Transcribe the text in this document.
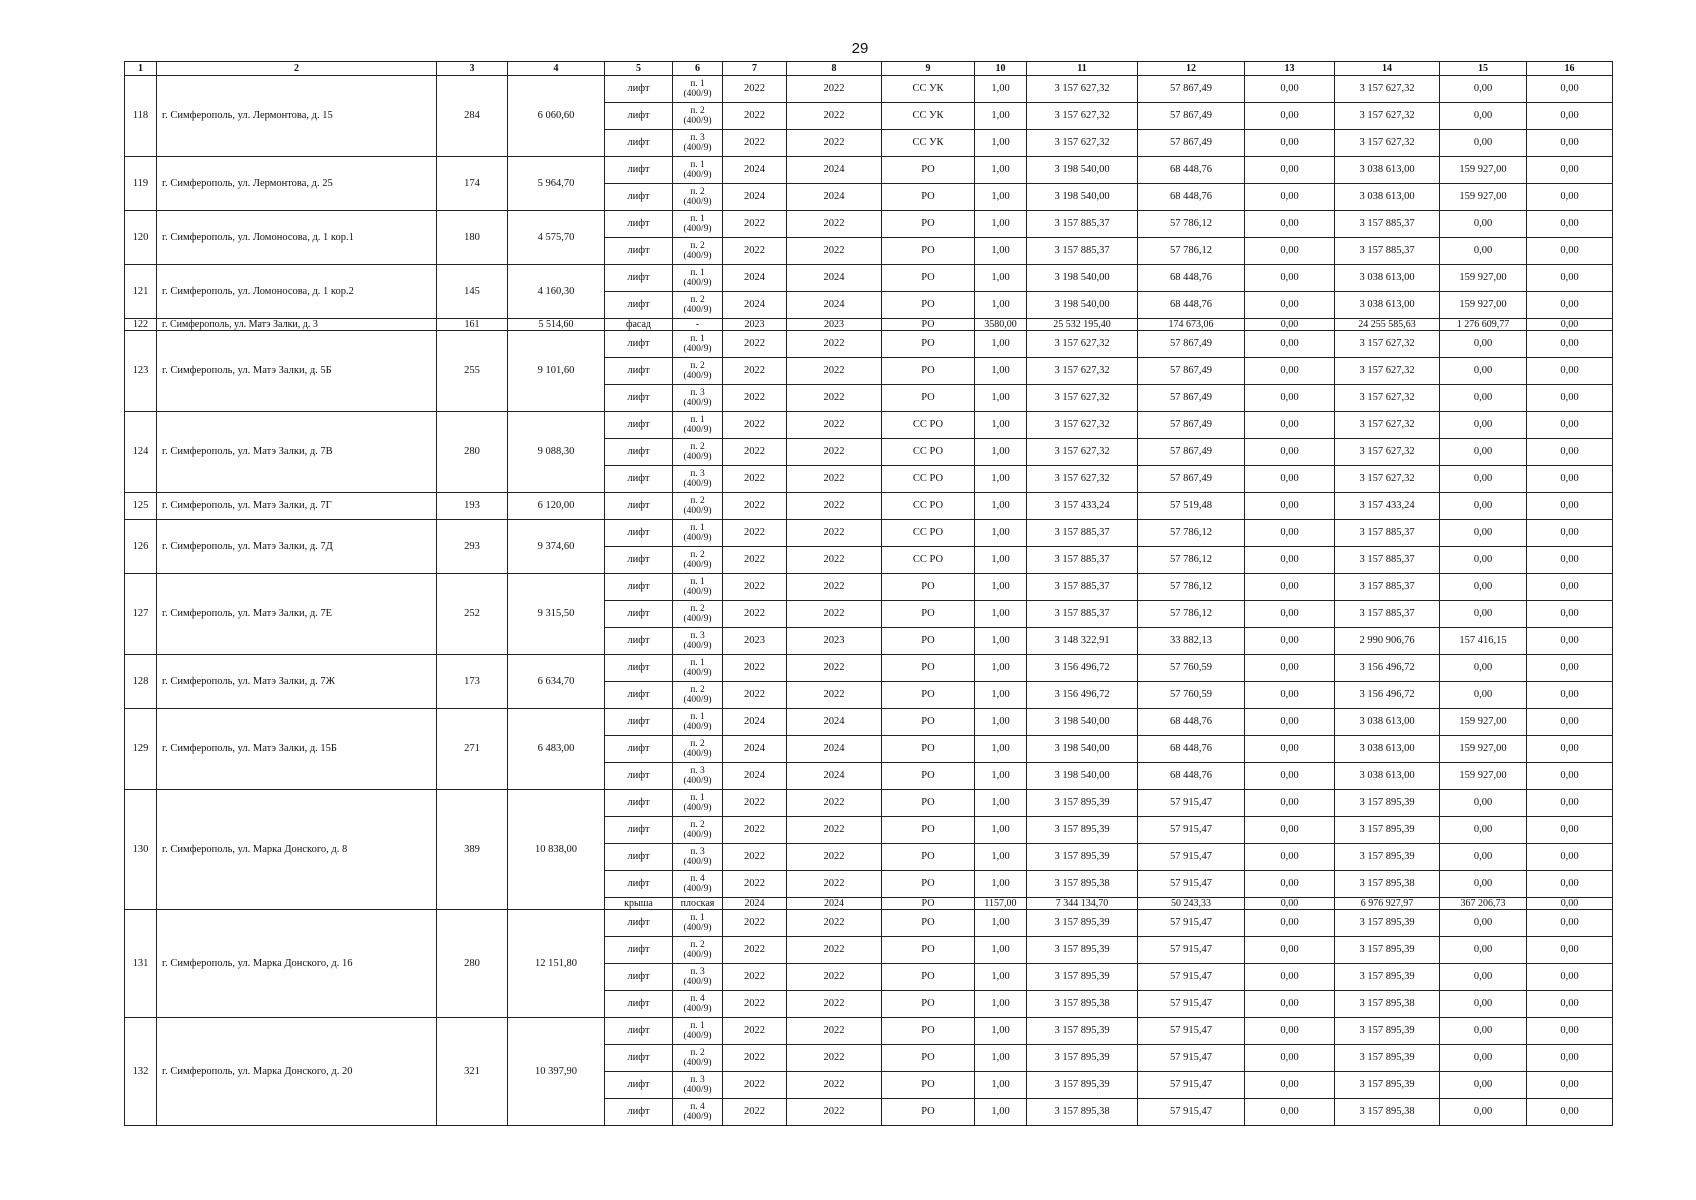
29
1	2	3	4	5	6	7	8	9	10	11	12	13	14	15	16
118	г. Симферополь, ул. Лермонтова, д. 15	284	6 060,60	лифт	п. 1
(400/9)	2022	2022	СС УК	1,00	3 157 627,32	57 867,49	0,00	3 157 627,32	0,00	0,00
				лифт	п. 2
(400/9)	2022	2022	СС УК	1,00	3 157 627,32	57 867,49	0,00	3 157 627,32	0,00	0,00
				лифт	п. 3
(400/9)	2022	2022	СС УК	1,00	3 157 627,32	57 867,49	0,00	3 157 627,32	0,00	0,00
119	г. Симферополь, ул. Лермонтова, д. 25	174	5 964,70	лифт	п. 1
(400/9)	2024	2024	РО	1,00	3 198 540,00	68 448,76	0,00	3 038 613,00	159 927,00	0,00
				лифт	п. 2
(400/9)	2024	2024	РО	1,00	3 198 540,00	68 448,76	0,00	3 038 613,00	159 927,00	0,00
120	г. Симферополь, ул. Ломоносова, д. 1 кор.1	180	4 575,70	лифт	п. 1
(400/9)	2022	2022	РО	1,00	3 157 885,37	57 786,12	0,00	3 157 885,37	0,00	0,00
				лифт	п. 2
(400/9)	2022	2022	РО	1,00	3 157 885,37	57 786,12	0,00	3 157 885,37	0,00	0,00
121	г. Симферополь, ул. Ломоносова, д. 1 кор.2	145	4 160,30	лифт	п. 1
(400/9)	2024	2024	РО	1,00	3 198 540,00	68 448,76	0,00	3 038 613,00	159 927,00	0,00
				лифт	п. 2
(400/9)	2024	2024	РО	1,00	3 198 540,00	68 448,76	0,00	3 038 613,00	159 927,00	0,00
122	г. Симферополь, ул. Матэ Залки, д. 3	161	5 514,60	фасад	-	2023	2023	РО	3580,00	25 532 195,40	174 673,06	0,00	24 255 585,63	1 276 609,77	0,00
123	г. Симферополь, ул. Матэ Залки, д. 5Б	255	9 101,60	лифт	п. 1
(400/9)	2022	2022	РО	1,00	3 157 627,32	57 867,49	0,00	3 157 627,32	0,00	0,00
				лифт	п. 2
(400/9)	2022	2022	РО	1,00	3 157 627,32	57 867,49	0,00	3 157 627,32	0,00	0,00
				лифт	п. 3
(400/9)	2022	2022	РО	1,00	3 157 627,32	57 867,49	0,00	3 157 627,32	0,00	0,00
124	г. Симферополь, ул. Матэ Залки, д. 7В	280	9 088,30	лифт	п. 1
(400/9)	2022	2022	СС РО	1,00	3 157 627,32	57 867,49	0,00	3 157 627,32	0,00	0,00
				лифт	п. 2
(400/9)	2022	2022	СС РО	1,00	3 157 627,32	57 867,49	0,00	3 157 627,32	0,00	0,00
				лифт	п. 3
(400/9)	2022	2022	СС РО	1,00	3 157 627,32	57 867,49	0,00	3 157 627,32	0,00	0,00
125	г. Симферополь, ул. Матэ Залки, д. 7Г	193	6 120,00	лифт	п. 2
(400/9)	2022	2022	СС РО	1,00	3 157 433,24	57 519,48	0,00	3 157 433,24	0,00	0,00
126	г. Симферополь, ул. Матэ Залки, д. 7Д	293	9 374,60	лифт	п. 1
(400/9)	2022	2022	СС РО	1,00	3 157 885,37	57 786,12	0,00	3 157 885,37	0,00	0,00
				лифт	п. 2
(400/9)	2022	2022	СС РО	1,00	3 157 885,37	57 786,12	0,00	3 157 885,37	0,00	0,00
127	г. Симферополь, ул. Матэ Залки, д. 7Е	252	9 315,50	лифт	п. 1
(400/9)	2022	2022	РО	1,00	3 157 885,37	57 786,12	0,00	3 157 885,37	0,00	0,00
				лифт	п. 2
(400/9)	2022	2022	РО	1,00	3 157 885,37	57 786,12	0,00	3 157 885,37	0,00	0,00
				лифт	п. 3
(400/9)	2023	2023	РО	1,00	3 148 322,91	33 882,13	0,00	2 990 906,76	157 416,15	0,00
128	г. Симферополь, ул. Матэ Залки, д. 7Ж	173	6 634,70	лифт	п. 1
(400/9)	2022	2022	РО	1,00	3 156 496,72	57 760,59	0,00	3 156 496,72	0,00	0,00
				лифт	п. 2
(400/9)	2022	2022	РО	1,00	3 156 496,72	57 760,59	0,00	3 156 496,72	0,00	0,00
129	г. Симферополь, ул. Матэ Залки, д. 15Б	271	6 483,00	лифт	п. 1
(400/9)	2024	2024	РО	1,00	3 198 540,00	68 448,76	0,00	3 038 613,00	159 927,00	0,00
				лифт	п. 2
(400/9)	2024	2024	РО	1,00	3 198 540,00	68 448,76	0,00	3 038 613,00	159 927,00	0,00
				лифт	п. 3
(400/9)	2024	2024	РО	1,00	3 198 540,00	68 448,76	0,00	3 038 613,00	159 927,00	0,00
130	г. Симферополь, ул. Марка Донского, д. 8	389	10 838,00	лифт	п. 1
(400/9)	2022	2022	РО	1,00	3 157 895,39	57 915,47	0,00	3 157 895,39	0,00	0,00
				лифт	п. 2
(400/9)	2022	2022	РО	1,00	3 157 895,39	57 915,47	0,00	3 157 895,39	0,00	0,00
				лифт	п. 3
(400/9)	2022	2022	РО	1,00	3 157 895,39	57 915,47	0,00	3 157 895,39	0,00	0,00
				лифт	п. 4
(400/9)	2022	2022	РО	1,00	3 157 895,38	57 915,47	0,00	3 157 895,38	0,00	0,00
				крыша	плоская	2024	2024	РО	1157,00	7 344 134,70	50 243,33	0,00	6 976 927,97	367 206,73	0,00
131	г. Симферополь, ул. Марка Донского, д. 16	280	12 151,80	лифт	п. 1
(400/9)	2022	2022	РО	1,00	3 157 895,39	57 915,47	0,00	3 157 895,39	0,00	0,00
				лифт	п. 2
(400/9)	2022	2022	РО	1,00	3 157 895,39	57 915,47	0,00	3 157 895,39	0,00	0,00
				лифт	п. 3
(400/9)	2022	2022	РО	1,00	3 157 895,39	57 915,47	0,00	3 157 895,39	0,00	0,00
				лифт	п. 4
(400/9)	2022	2022	РО	1,00	3 157 895,38	57 915,47	0,00	3 157 895,38	0,00	0,00
132	г. Симферополь, ул. Марка Донского, д. 20	321	10 397,90	лифт	п. 1
(400/9)	2022	2022	РО	1,00	3 157 895,39	57 915,47	0,00	3 157 895,39	0,00	0,00
				лифт	п. 2
(400/9)	2022	2022	РО	1,00	3 157 895,39	57 915,47	0,00	3 157 895,39	0,00	0,00
				лифт	п. 3
(400/9)	2022	2022	РО	1,00	3 157 895,39	57 915,47	0,00	3 157 895,39	0,00	0,00
				лифт	п. 4
(400/9)	2022	2022	РО	1,00	3 157 895,38	57 915,47	0,00	3 157 895,38	0,00	0,00
